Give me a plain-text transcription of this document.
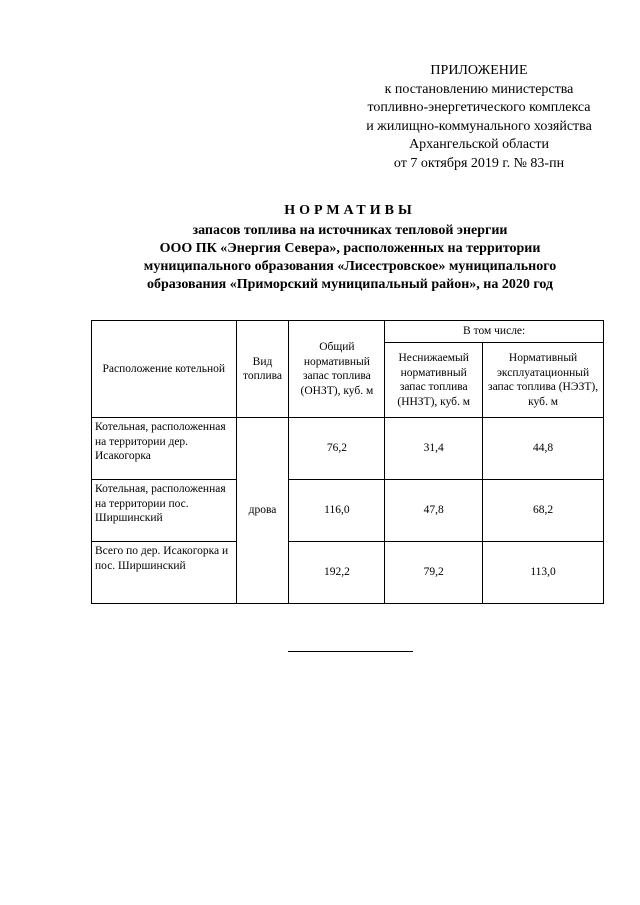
ПРИЛОЖЕНИЕ
к постановлению министерства
топливно-энергетического комплекса
и жилищно-коммунального хозяйства
Архангельской области
от 7 октября 2019 г. № 83-пн
НОРМАТИВЫ
запасов топлива на источниках тепловой энергии
ООО ПК «Энергия Севера», расположенных на территории
муниципального образования «Лисестровское» муниципального
образования «Приморский муниципальный район», на 2020 год
Расположение котельной	Вид топлива	Общий нормативный запас топлива (ОНЗТ), куб. м	В том числе:	
			Неснижаемый нормативный запас топлива (ННЗТ), куб. м	Нормативный эксплуатационный запас топлива (НЭЗТ), куб. м
Котельная, расположенная на территории дер. Исакогорка	дрова	76,2	31,4	44,8
Котельная, расположенная на территории пос. Ширшинский		116,0	47,8	68,2
Всего по дер. Исакогорка и пос. Ширшинский		192,2	79,2	113,0
